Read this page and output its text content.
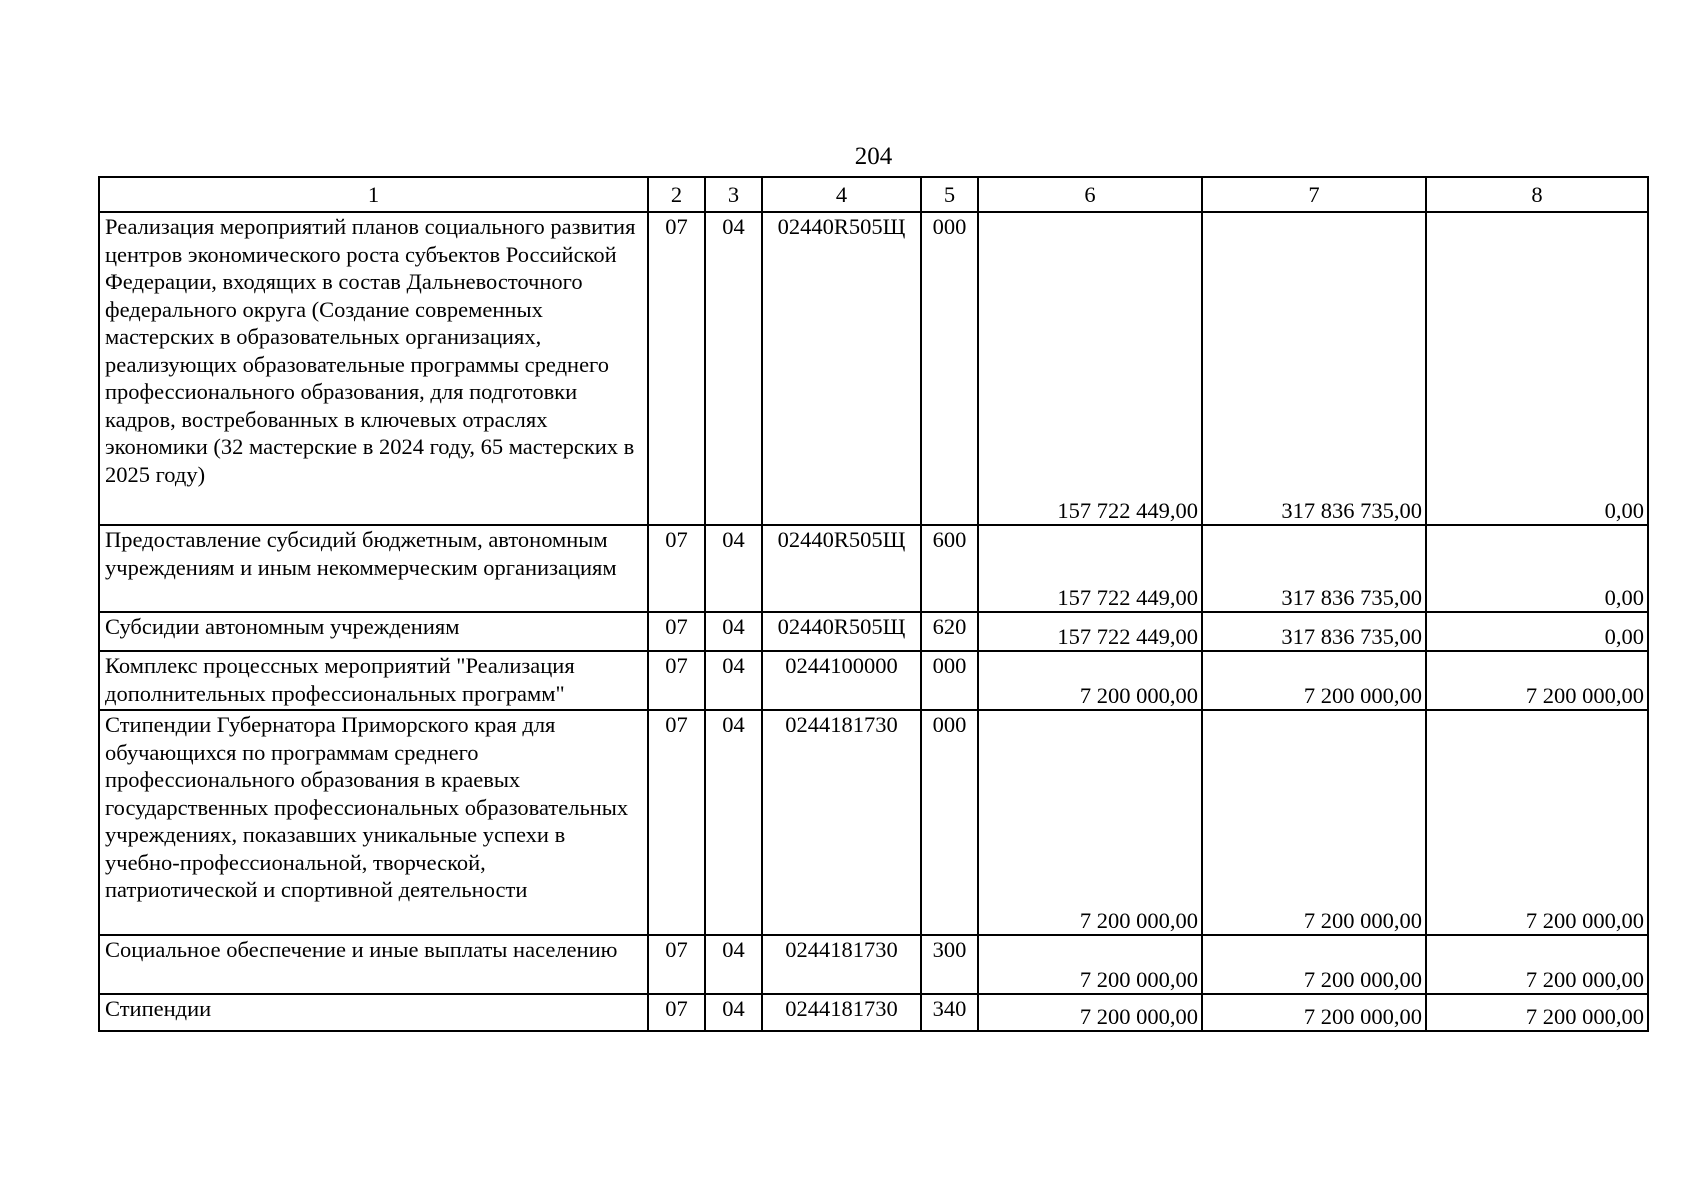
204
1	2	3	4	5	6	7	8

Реализация мероприятий планов социального развития центров экономического роста субъектов Российской Федерации, входящих в состав Дальневосточного федерального округа (Создание современных мастерских в образовательных организациях, реализующих образовательные программы среднего профессионального образования, для подготовки кадров, востребованных в ключевых отраслях экономики (32 мастерские в 2024 году, 65 мастерских в 2025 году)	07	04	02440R505Щ	000	157 722 449,00	317 836 735,00	0,00
Предоставление субсидий бюджетным, автономным учреждениям и иным некоммерческим организациям	07	04	02440R505Щ	600	157 722 449,00	317 836 735,00	0,00
Субсидии автономным учреждениям	07	04	02440R505Щ	620	157 722 449,00	317 836 735,00	0,00
Комплекс процессных мероприятий "Реализация дополнительных профессиональных программ"	07	04	0244100000	000	7 200 000,00	7 200 000,00	7 200 000,00
Стипендии Губернатора Приморского края для обучающихся по программам среднего профессионального образования в краевых государственных профессиональных образовательных учреждениях, показавших уникальные успехи в учебно-профессиональной, творческой, патриотической и спортивной деятельности	07	04	0244181730	000	7 200 000,00	7 200 000,00	7 200 000,00
Социальное обеспечение и иные выплаты населению	07	04	0244181730	300	7 200 000,00	7 200 000,00	7 200 000,00
Стипендии	07	04	0244181730	340	7 200 000,00	7 200 000,00	7 200 000,00
